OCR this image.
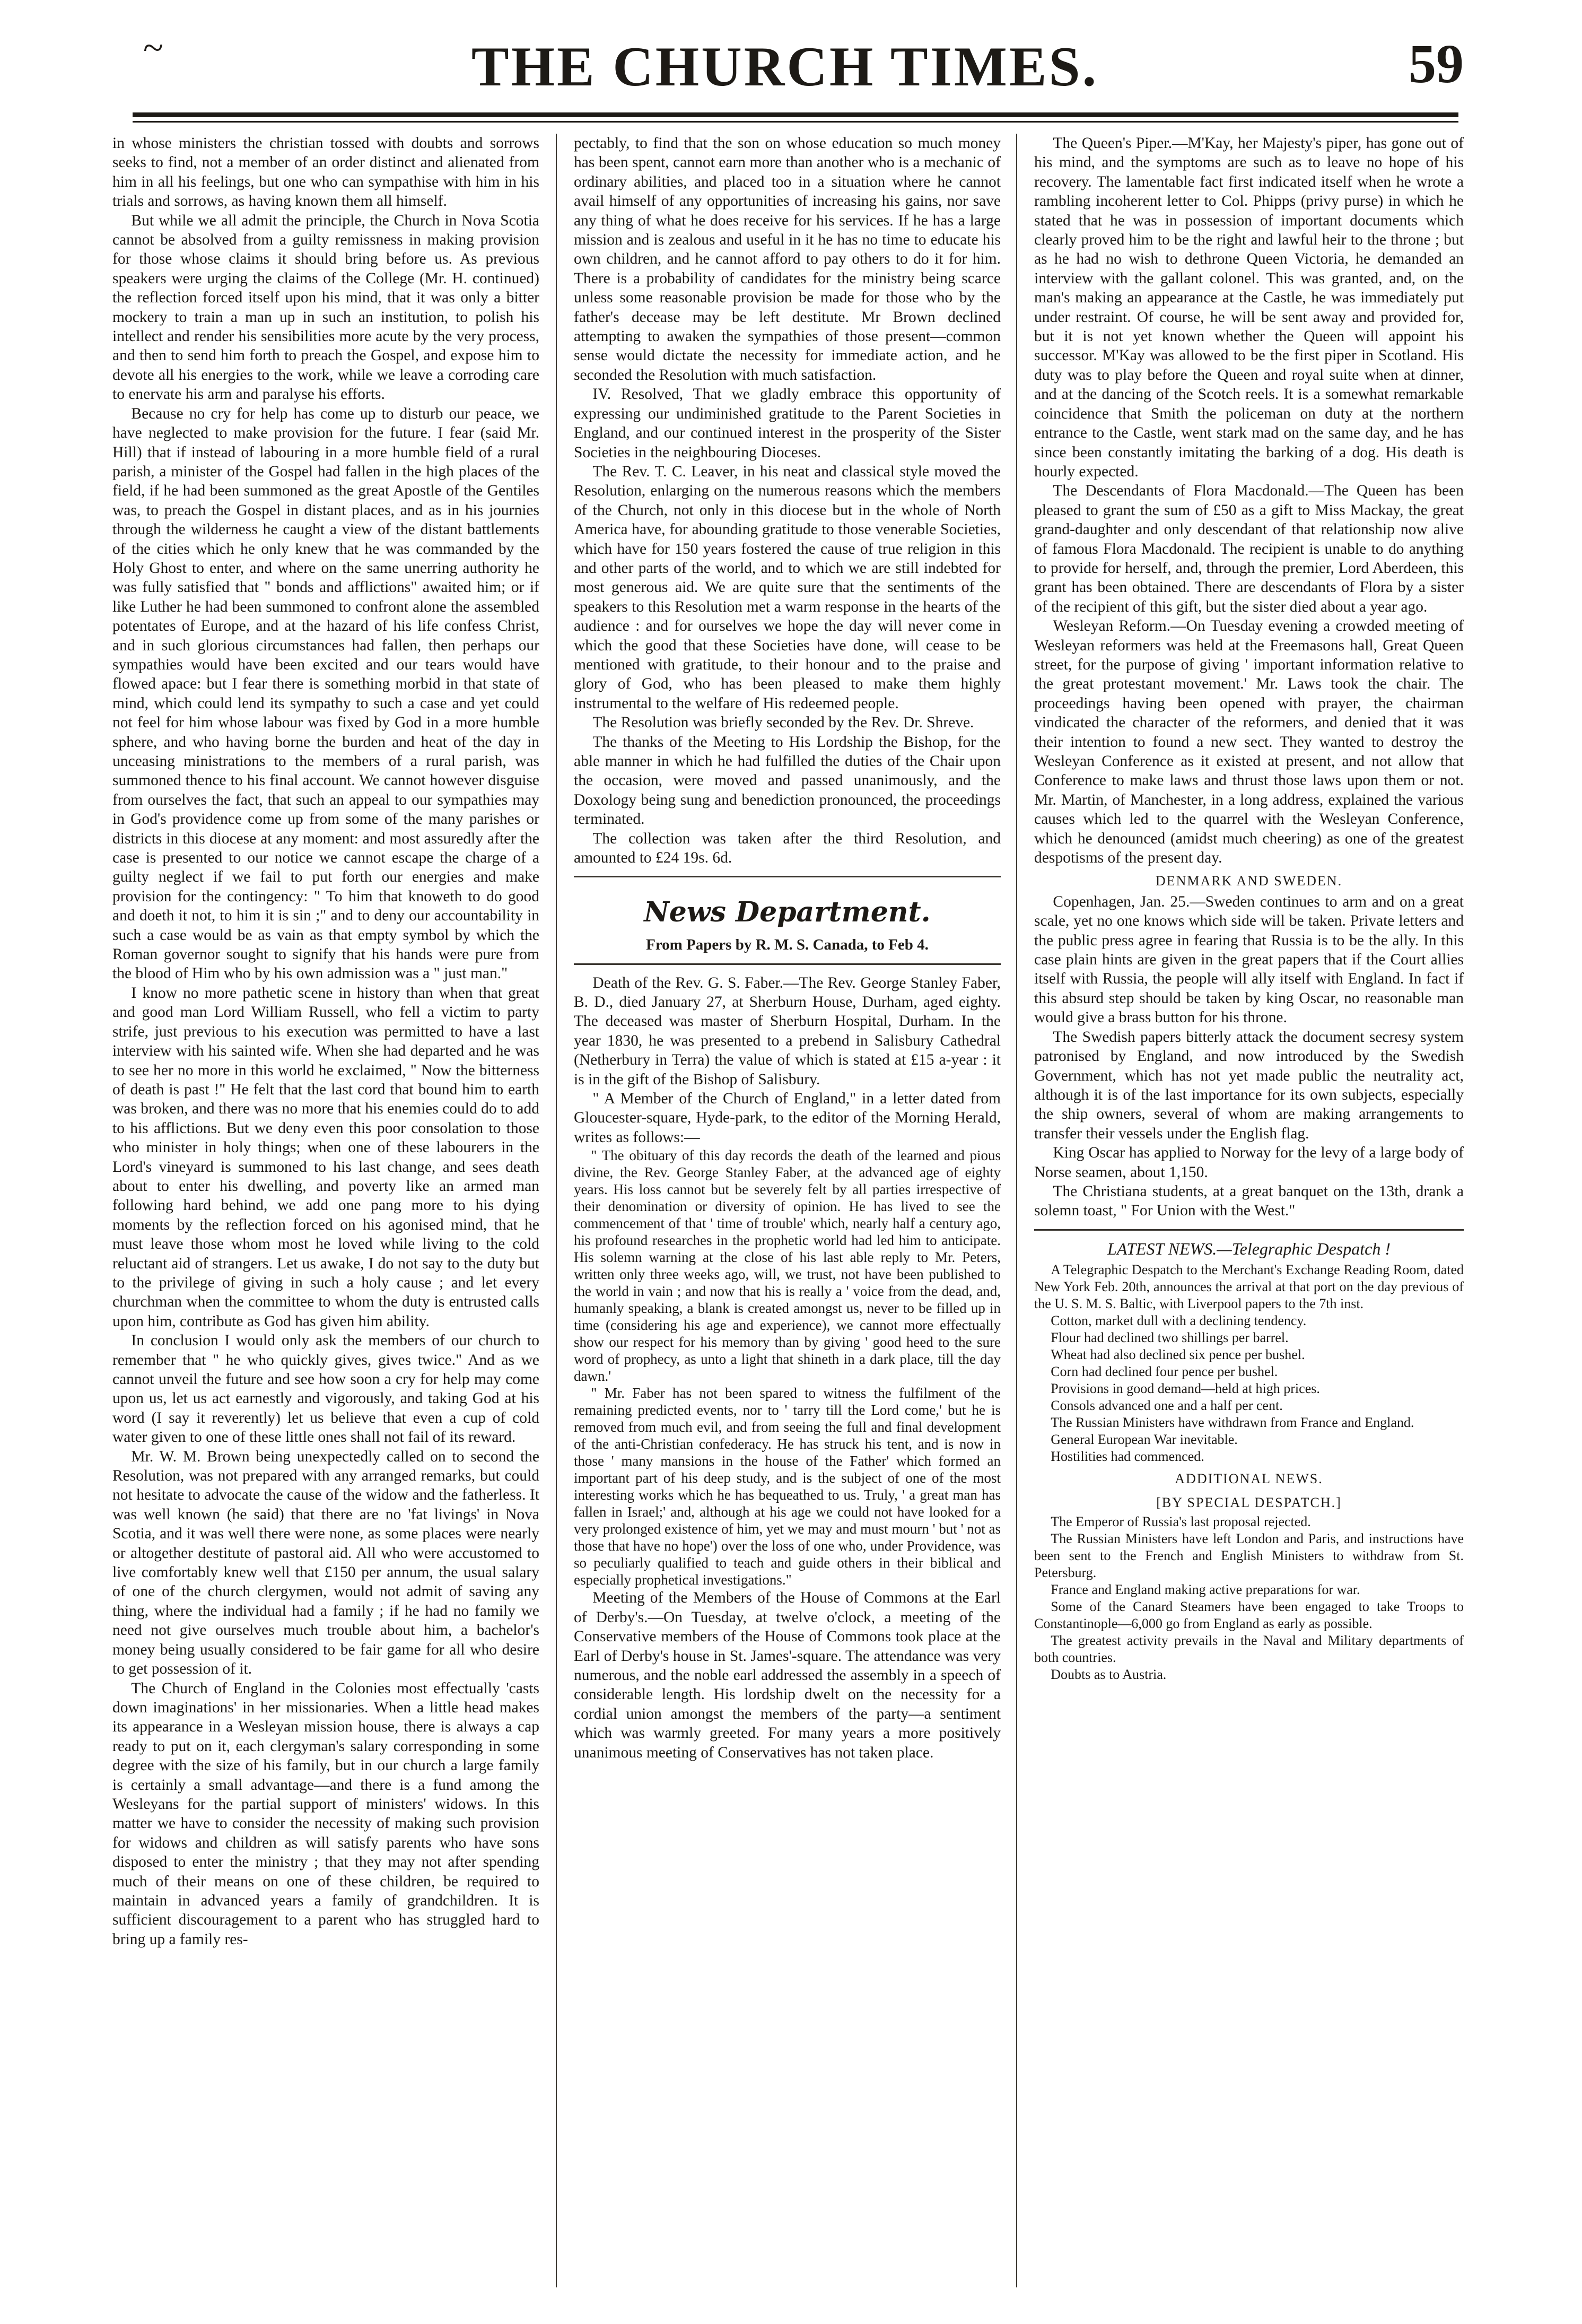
~	THE CHURCH TIMES.	59

in whose ministers the christian tossed with doubts and sorrows seeks to find, not a member of an order distinct and alienated from him in all his feelings, but one who can sympathise with him in his trials and sorrows, as having known them all himself.

But while we all admit the principle, the Church in Nova Scotia cannot be absolved from a guilty remissness in making provision for those whose claims it should bring before us. As previous speakers were urging the claims of the College (Mr. H. continued) the reflection forced itself upon his mind, that it was only a bitter mockery to train a man up in such an institution, to polish his intellect and render his sensibilities more acute by the very process, and then to send him forth to preach the Gospel, and expose him to devote all his energies to the work, while we leave a corroding care to enervate his arm and paralyse his efforts.

Because no cry for help has come up to disturb our peace, we have neglected to make provision for the future. I fear (said Mr. Hill) that if instead of labouring in a more humble field of a rural parish, a minister of the Gospel had fallen in the high places of the field, if he had been summoned as the great Apostle of the Gentiles was, to preach the Gospel in distant places, and as in his journies through the wilderness he caught a view of the distant battlements of the cities which he only knew that he was commanded by the Holy Ghost to enter, and where on the same unerring authority he was fully satisfied that " bonds and afflictions" awaited him; or if like Luther he had been summoned to confront alone the assembled potentates of Europe, and at the hazard of his life confess Christ, and in such glorious circumstances had fallen, then perhaps our sympathies would have been excited and our tears would have flowed apace: but I fear there is something morbid in that state of mind, which could lend its sympathy to such a case and yet could not feel for him whose labour was fixed by God in a more humble sphere, and who having borne the burden and heat of the day in unceasing ministrations to the members of a rural parish, was summoned thence to his final account. We cannot however disguise from ourselves the fact, that such an appeal to our sympathies may in God's providence come up from some of the many parishes or districts in this diocese at any moment: and most assuredly after the case is presented to our notice we cannot escape the charge of a guilty neglect if we fail to put forth our energies and make provision for the contingency: " To him that knoweth to do good and doeth it not, to him it is sin ;" and to deny our accountability in such a case would be as vain as that empty symbol by which the Roman governor sought to signify that his hands were pure from the blood of Him who by his own admission was a " just man."

I know no more pathetic scene in history than when that great and good man Lord William Russell, who fell a victim to party strife, just previous to his execution was permitted to have a last interview with his sainted wife. When she had departed and he was to see her no more in this world he exclaimed, " Now the bitterness of death is past !" He felt that the last cord that bound him to earth was broken, and there was no more that his enemies could do to add to his afflictions. But we deny even this poor consolation to those who minister in holy things; when one of these labourers in the Lord's vineyard is summoned to his last change, and sees death about to enter his dwelling, and poverty like an armed man following hard behind, we add one pang more to his dying moments by the reflection forced on his agonised mind, that he must leave those whom most he loved while living to the cold reluctant aid of strangers. Let us awake, I do not say to the duty but to the privilege of giving in such a holy cause ; and let every churchman when the committee to whom the duty is entrusted calls upon him, contribute as God has given him ability.

In conclusion I would only ask the members of our church to remember that " he who quickly gives, gives twice." And as we cannot unveil the future and see how soon a cry for help may come upon us, let us act earnestly and vigorously, and taking God at his word (I say it reverently) let us believe that even a cup of cold water given to one of these little ones shall not fail of its reward.

Mr. W. M. Brown being unexpectedly called on to second the Resolution, was not prepared with any arranged remarks, but could not hesitate to advocate the cause of the widow and the fatherless. It was well known (he said) that there are no 'fat livings' in Nova Scotia, and it was well there were none, as some places were nearly or altogether destitute of pastoral aid. All who were accustomed to live comfortably knew well that £150 per annum, the usual salary of one of the church clergymen, would not admit of saving any thing, where the individual had a family ; if he had no family we need not give ourselves much trouble about him, a bachelor's money being usually considered to be fair game for all who desire to get possession of it.

The Church of England in the Colonies most effectually 'casts down imaginations' in her missionaries. When a little head makes its appearance in a Wesleyan mission house, there is always a cap ready to put on it, each clergyman's salary corresponding in some degree with the size of his family, but in our church a large family is certainly a small advantage—and there is a fund among the Wesleyans for the partial support of ministers' widows. In this matter we have to consider the necessity of making such provision for widows and children as will satisfy parents who have sons disposed to enter the ministry ; that they may not after spending much of their means on one of these children, be required to maintain in advanced years a family of grandchildren. It is sufficient discouragement to a parent who has struggled hard to bring up a family res-

pectably, to find that the son on whose education so much money has been spent, cannot earn more than another who is a mechanic of ordinary abilities, and placed too in a situation where he cannot avail himself of any opportunities of increasing his gains, nor save any thing of what he does receive for his services. If he has a large mission and is zealous and useful in it he has no time to educate his own children, and he cannot afford to pay others to do it for him. There is a probability of candidates for the ministry being scarce unless some reasonable provision be made for those who by the father's decease may be left destitute. Mr Brown declined attempting to awaken the sympathies of those present—common sense would dictate the necessity for immediate action, and he seconded the Resolution with much satisfaction.

IV. Resolved, That we gladly embrace this opportunity of expressing our undiminished gratitude to the Parent Societies in England, and our continued interest in the prosperity of the Sister Societies in the neighbouring Dioceses.

The Rev. T. C. Leaver, in his neat and classical style moved the Resolution, enlarging on the numerous reasons which the members of the Church, not only in this diocese but in the whole of North America have, for abounding gratitude to those venerable Societies, which have for 150 years fostered the cause of true religion in this and other parts of the world, and to which we are still indebted for most generous aid. We are quite sure that the sentiments of the speakers to this Resolution met a warm response in the hearts of the audience : and for ourselves we hope the day will never come in which the good that these Societies have done, will cease to be mentioned with gratitude, to their honour and to the praise and glory of God, who has been pleased to make them highly instrumental to the welfare of His redeemed people.

The Resolution was briefly seconded by the Rev. Dr. Shreve.

The thanks of the Meeting to His Lordship the Bishop, for the able manner in which he had fulfilled the duties of the Chair upon the occasion, were moved and passed unanimously, and the Doxology being sung and benediction pronounced, the proceedings terminated.

The collection was taken after the third Resolution, and amounted to £24 19s. 6d.

News Department.
From Papers by R. M. S. Canada, to Feb 4.

Death of the Rev. G. S. Faber.—The Rev. George Stanley Faber, B. D., died January 27, at Sherburn House, Durham, aged eighty. The deceased was master of Sherburn Hospital, Durham. In the year 1830, he was presented to a prebend in Salisbury Cathedral (Netherbury in Terra) the value of which is stated at £15 a-year : it is in the gift of the Bishop of Salisbury.

" A Member of the Church of England," in a letter dated from Gloucester-square, Hyde-park, to the editor of the Morning Herald, writes as follows:—

" The obituary of this day records the death of the learned and pious divine, the Rev. George Stanley Faber, at the advanced age of eighty years. His loss cannot but be severely felt by all parties irrespective of their denomination or diversity of opinion. He has lived to see the commencement of that ' time of trouble' which, nearly half a century ago, his profound researches in the prophetic world had led him to anticipate. His solemn warning at the close of his last able reply to Mr. Peters, written only three weeks ago, will, we trust, not have been published to the world in vain ; and now that his is really a ' voice from the dead, and, humanly speaking, a blank is created amongst us, never to be filled up in time (considering his age and experience), we cannot more effectually show our respect for his memory than by giving ' good heed to the sure word of prophecy, as unto a light that shineth in a dark place, till the day dawn.'

" Mr. Faber has not been spared to witness the fulfilment of the remaining predicted events, nor to ' tarry till the Lord come,' but he is removed from much evil, and from seeing the full and final development of the anti-Christian confederacy. He has struck his tent, and is now in those ' many mansions in the house of the Father' which formed an important part of his deep study, and is the subject of one of the most interesting works which he has bequeathed to us. Truly, ' a great man has fallen in Israel;' and, although at his age we could not have looked for a very prolonged existence of him, yet we may and must mourn ' but ' not as those that have no hope') over the loss of one who, under Providence, was so peculiarly qualified to teach and guide others in their biblical and especially prophetical investigations."

Meeting of the Members of the House of Commons at the Earl of Derby's.—On Tuesday, at twelve o'clock, a meeting of the Conservative members of the House of Commons took place at the Earl of Derby's house in St. James'-square. The attendance was very numerous, and the noble earl addressed the assembly in a speech of considerable length. His lordship dwelt on the necessity for a cordial union amongst the members of the party—a sentiment which was warmly greeted. For many years a more positively unanimous meeting of Conservatives has not taken place.

The Queen's Piper.—M'Kay, her Majesty's piper, has gone out of his mind, and the symptoms are such as to leave no hope of his recovery. The lamentable fact first indicated itself when he wrote a rambling incoherent letter to Col. Phipps (privy purse) in which he stated that he was in possession of important documents which clearly proved him to be the right and lawful heir to the throne ; but as he had no wish to dethrone Queen Victoria, he demanded an interview with the gallant colonel. This was granted, and, on the man's making an appearance at the Castle, he was immediately put under restraint. Of course, he will be sent away and provided for, but it is not yet known whether the Queen will appoint his successor. M'Kay was allowed to be the first piper in Scotland. His duty was to play before the Queen and royal suite when at dinner, and at the dancing of the Scotch reels. It is a somewhat remarkable coincidence that Smith the policeman on duty at the northern entrance to the Castle, went stark mad on the same day, and he has since been constantly imitating the barking of a dog. His death is hourly expected.

The Descendants of Flora Macdonald.—The Queen has been pleased to grant the sum of £50 as a gift to Miss Mackay, the great grand-daughter and only descendant of that relationship now alive of famous Flora Macdonald. The recipient is unable to do anything to provide for herself, and, through the premier, Lord Aberdeen, this grant has been obtained. There are descendants of Flora by a sister of the recipient of this gift, but the sister died about a year ago.

Wesleyan Reform.—On Tuesday evening a crowded meeting of Wesleyan reformers was held at the Freemasons hall, Great Queen street, for the purpose of giving ' important information relative to the great protestant movement.' Mr. Laws took the chair. The proceedings having been opened with prayer, the chairman vindicated the character of the reformers, and denied that it was their intention to found a new sect. They wanted to destroy the Wesleyan Conference as it existed at present, and not allow that Conference to make laws and thrust those laws upon them or not. Mr. Martin, of Manchester, in a long address, explained the various causes which led to the quarrel with the Wesleyan Conference, which he denounced (amidst much cheering) as one of the greatest despotisms of the present day.

DENMARK AND SWEDEN.

Copenhagen, Jan. 25.—Sweden continues to arm and on a great scale, yet no one knows which side will be taken. Private letters and the public press agree in fearing that Russia is to be the ally. In this case plain hints are given in the great papers that if the Court allies itself with Russia, the people will ally itself with England. In fact if this absurd step should be taken by king Oscar, no reasonable man would give a brass button for his throne.

The Swedish papers bitterly attack the document secresy system patronised by England, and now introduced by the Swedish Government, which has not yet made public the neutrality act, although it is of the last importance for its own subjects, especially the ship owners, several of whom are making arrangements to transfer their vessels under the English flag.

King Oscar has applied to Norway for the levy of a large body of Norse seamen, about 1,150.

The Christiana students, at a great banquet on the 13th, drank a solemn toast, " For Union with the West."

LATEST NEWS.—Telegraphic Despatch !

A Telegraphic Despatch to the Merchant's Exchange Reading Room, dated New York Feb. 20th, announces the arrival at that port on the day previous of the U. S. M. S. Baltic, with Liverpool papers to the 7th inst.

Cotton, market dull with a declining tendency.

Flour had declined two shillings per barrel.

Wheat had also declined six pence per bushel.

Corn had declined four pence per bushel.

Provisions in good demand—held at high prices.

Consols advanced one and a half per cent.

The Russian Ministers have withdrawn from France and England.

General European War inevitable.

Hostilities had commenced.

ADDITIONAL NEWS.
[BY SPECIAL DESPATCH.]

The Emperor of Russia's last proposal rejected.

The Russian Ministers have left London and Paris, and instructions have been sent to the French and English Ministers to withdraw from St. Petersburg.

France and England making active preparations for war.

Some of the Canard Steamers have been engaged to take Troops to Constantinople—6,000 go from England as early as possible.

The greatest activity prevails in the Naval and Military departments of both countries.

Doubts as to Austria.
